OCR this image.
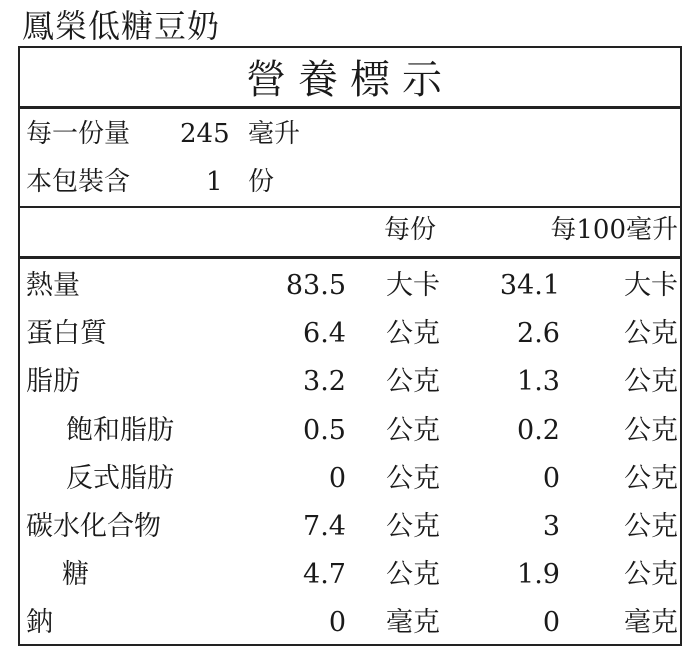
鳳榮低糖豆奶
營養標示
每一份量 245 毫升
本包裝含	1 份
每份	每100毫升
熱量	83.5 大卡 34.1 大卡
蛋白質	6.4 公克	2.6 公克
脂肪	3.2 公克	1.3 公克
飽和脂肪	0.5 公克	0.2 公克
反式脂肪	0 公克	0 公克
碳水化合物	7.4 公克	3 公克
糖	4.7 公克	1.9 公克
鈉	0 毫克	0 毫克
